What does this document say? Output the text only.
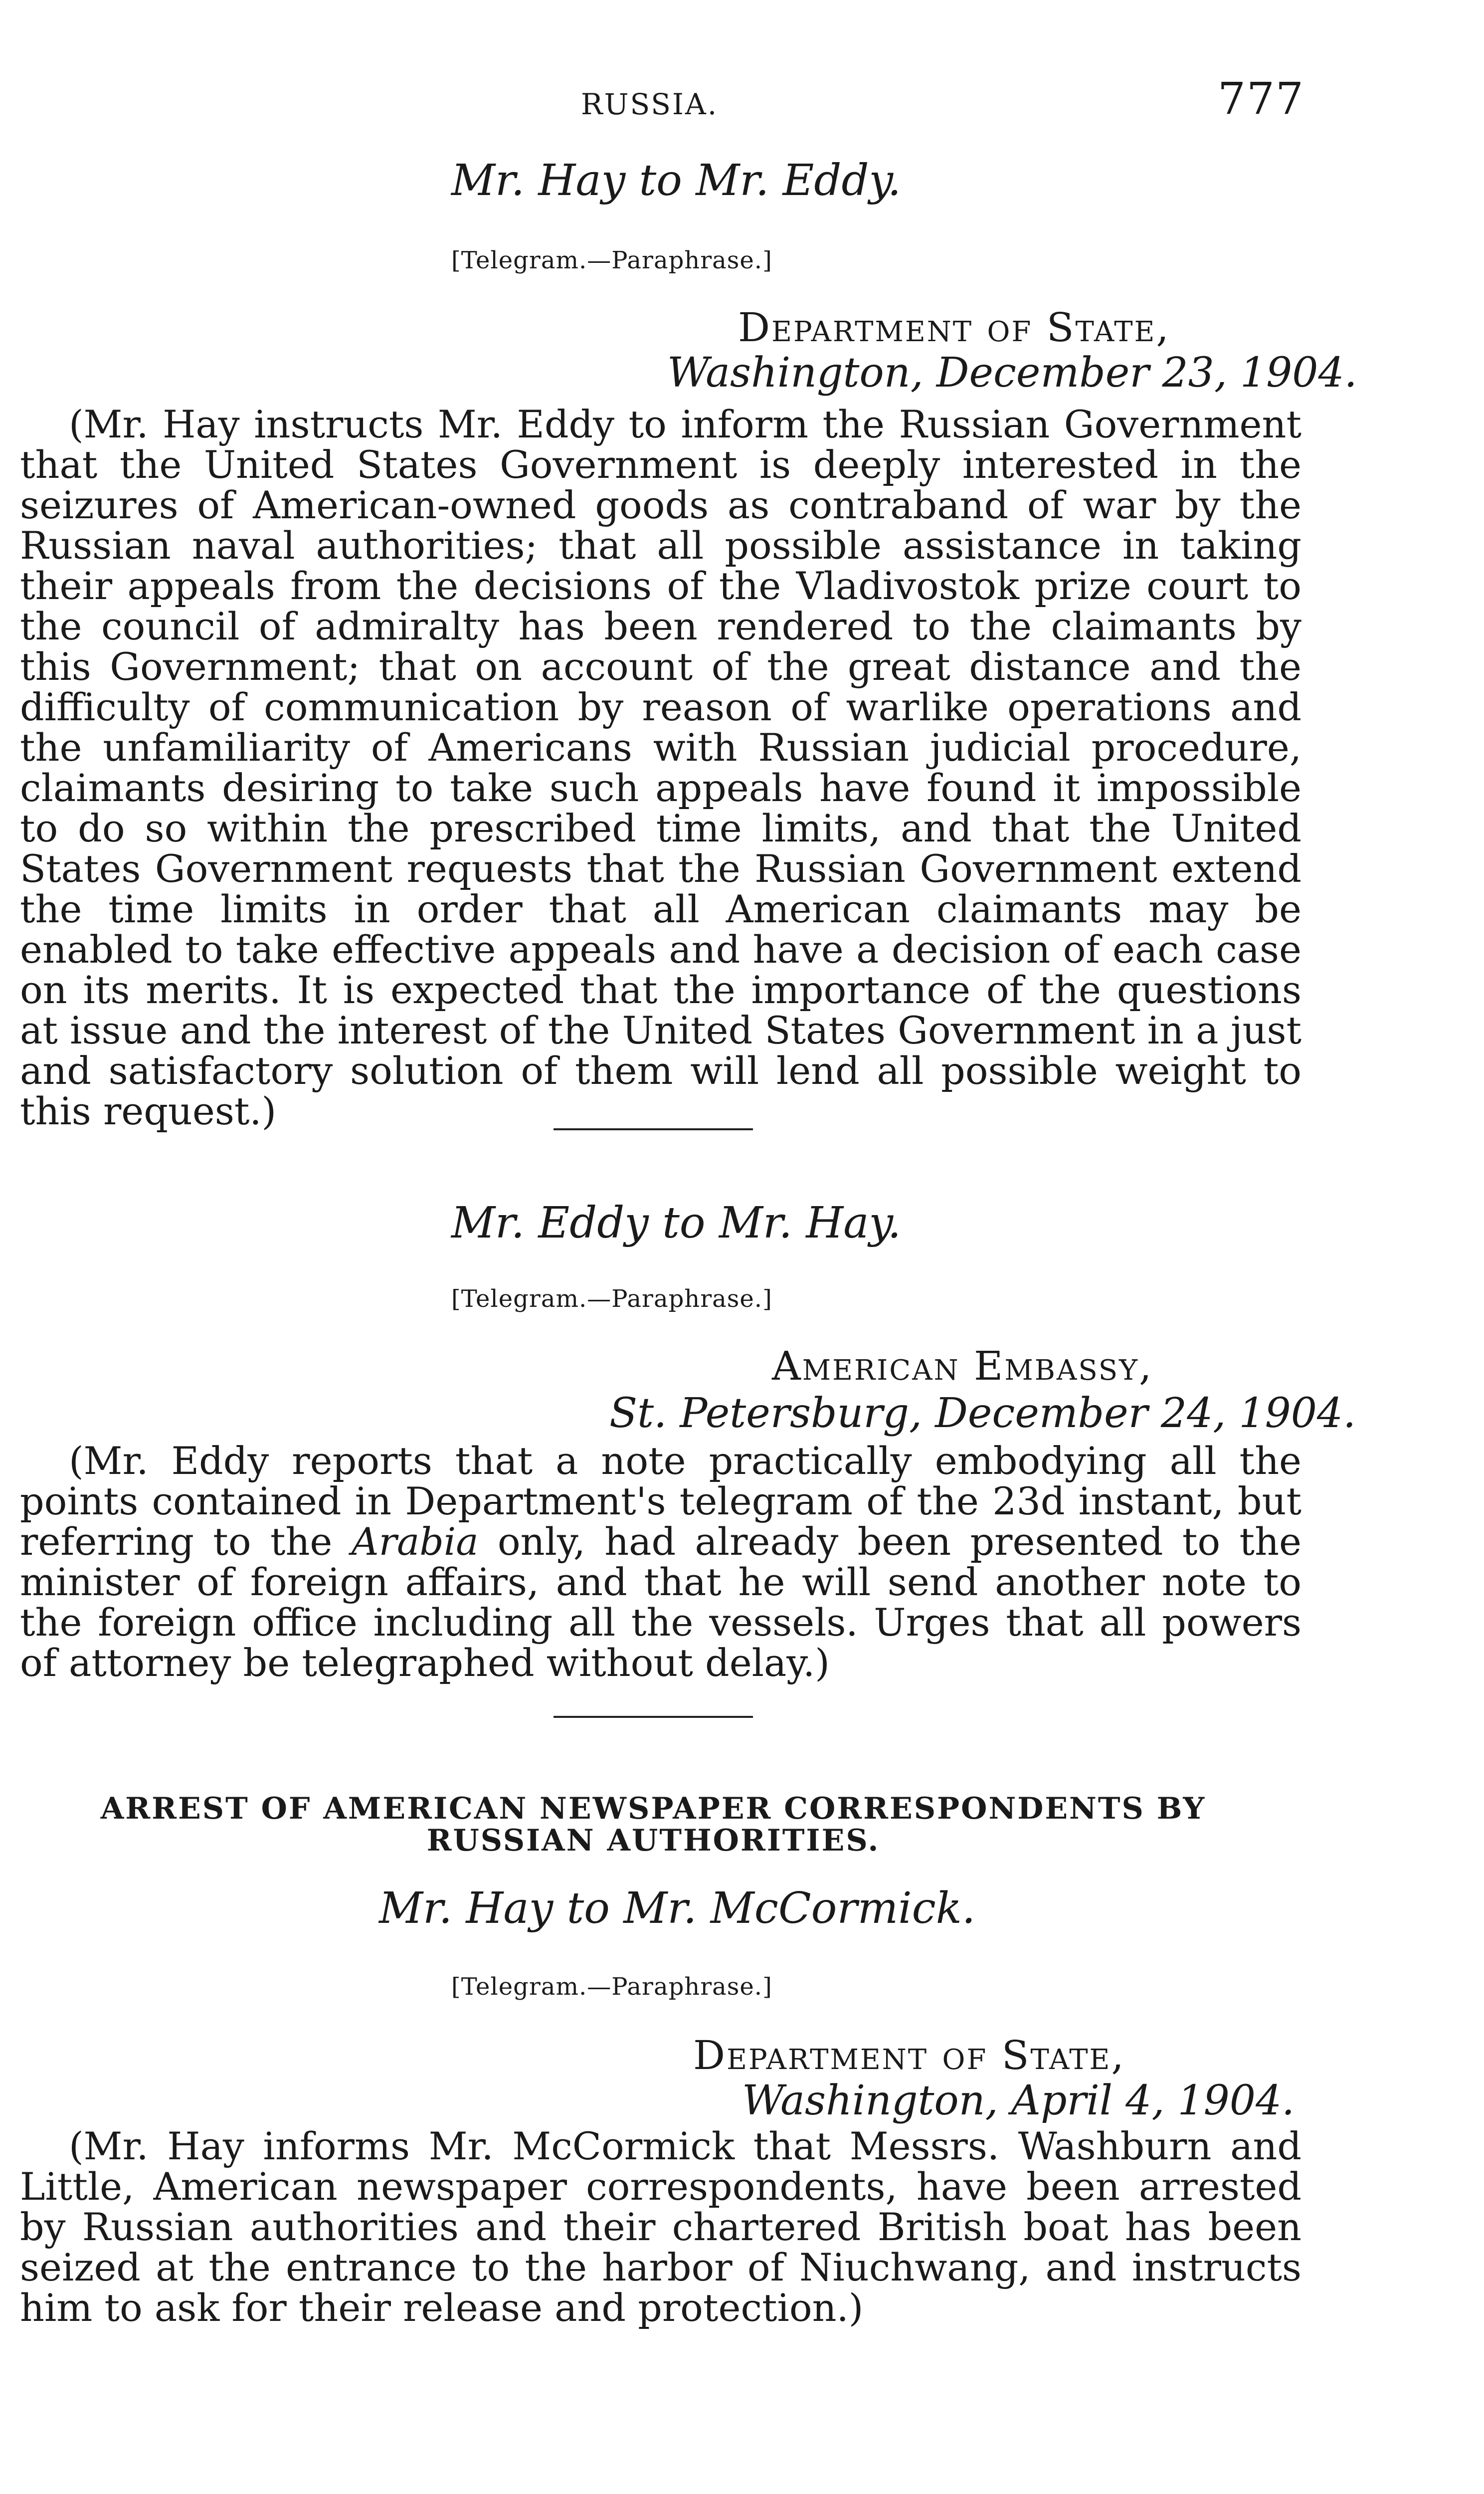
RUSSIA.	777
Mr. Hay to Mr. Eddy.
[Telegram.—Paraphrase.]
Department of State,
Washington, December 23, 1904.

(Mr. Hay instructs Mr. Eddy to inform the Russian Government that the United States Government is deeply interested in the seizures of American-owned goods as contraband of war by the Russian naval authorities; that all possible assistance in taking their appeals from the decisions of the Vladivostok prize court to the council of admiralty has been rendered to the claimants by this Government; that on account of the great distance and the difficulty of communication by reason of warlike operations and the unfamiliarity of Americans with Russian judicial procedure, claimants desiring to take such appeals have found it impossible to do so within the prescribed time limits, and that the United States Government requests that the Russian Government extend the time limits in order that all American claimants may be enabled to take effective appeals and have a decision of each case on its merits. It is expected that the importance of the questions at issue and the interest of the United States Government in a just and satisfactory solution of them will lend all possible weight to this request.)

Mr. Eddy to Mr. Hay.
[Telegram.—Paraphrase.]
American Embassy,
St. Petersburg, December 24, 1904.

(Mr. Eddy reports that a note practically embodying all the points contained in Department's telegram of the 23d instant, but referring to the Arabia only, had already been presented to the minister of foreign affairs, and that he will send another note to the foreign office including all the vessels. Urges that all powers of attorney be telegraphed without delay.)

ARREST OF AMERICAN NEWSPAPER CORRESPONDENTS BY
RUSSIAN AUTHORITIES.
Mr. Hay to Mr. McCormick.
[Telegram.—Paraphrase.]
Department of State,
Washington, April 4, 1904.

(Mr. Hay informs Mr. McCormick that Messrs. Washburn and Little, American newspaper correspondents, have been arrested by Russian authorities and their chartered British boat has been seized at the entrance to the harbor of Niuchwang, and instructs him to ask for their release and protection.)
